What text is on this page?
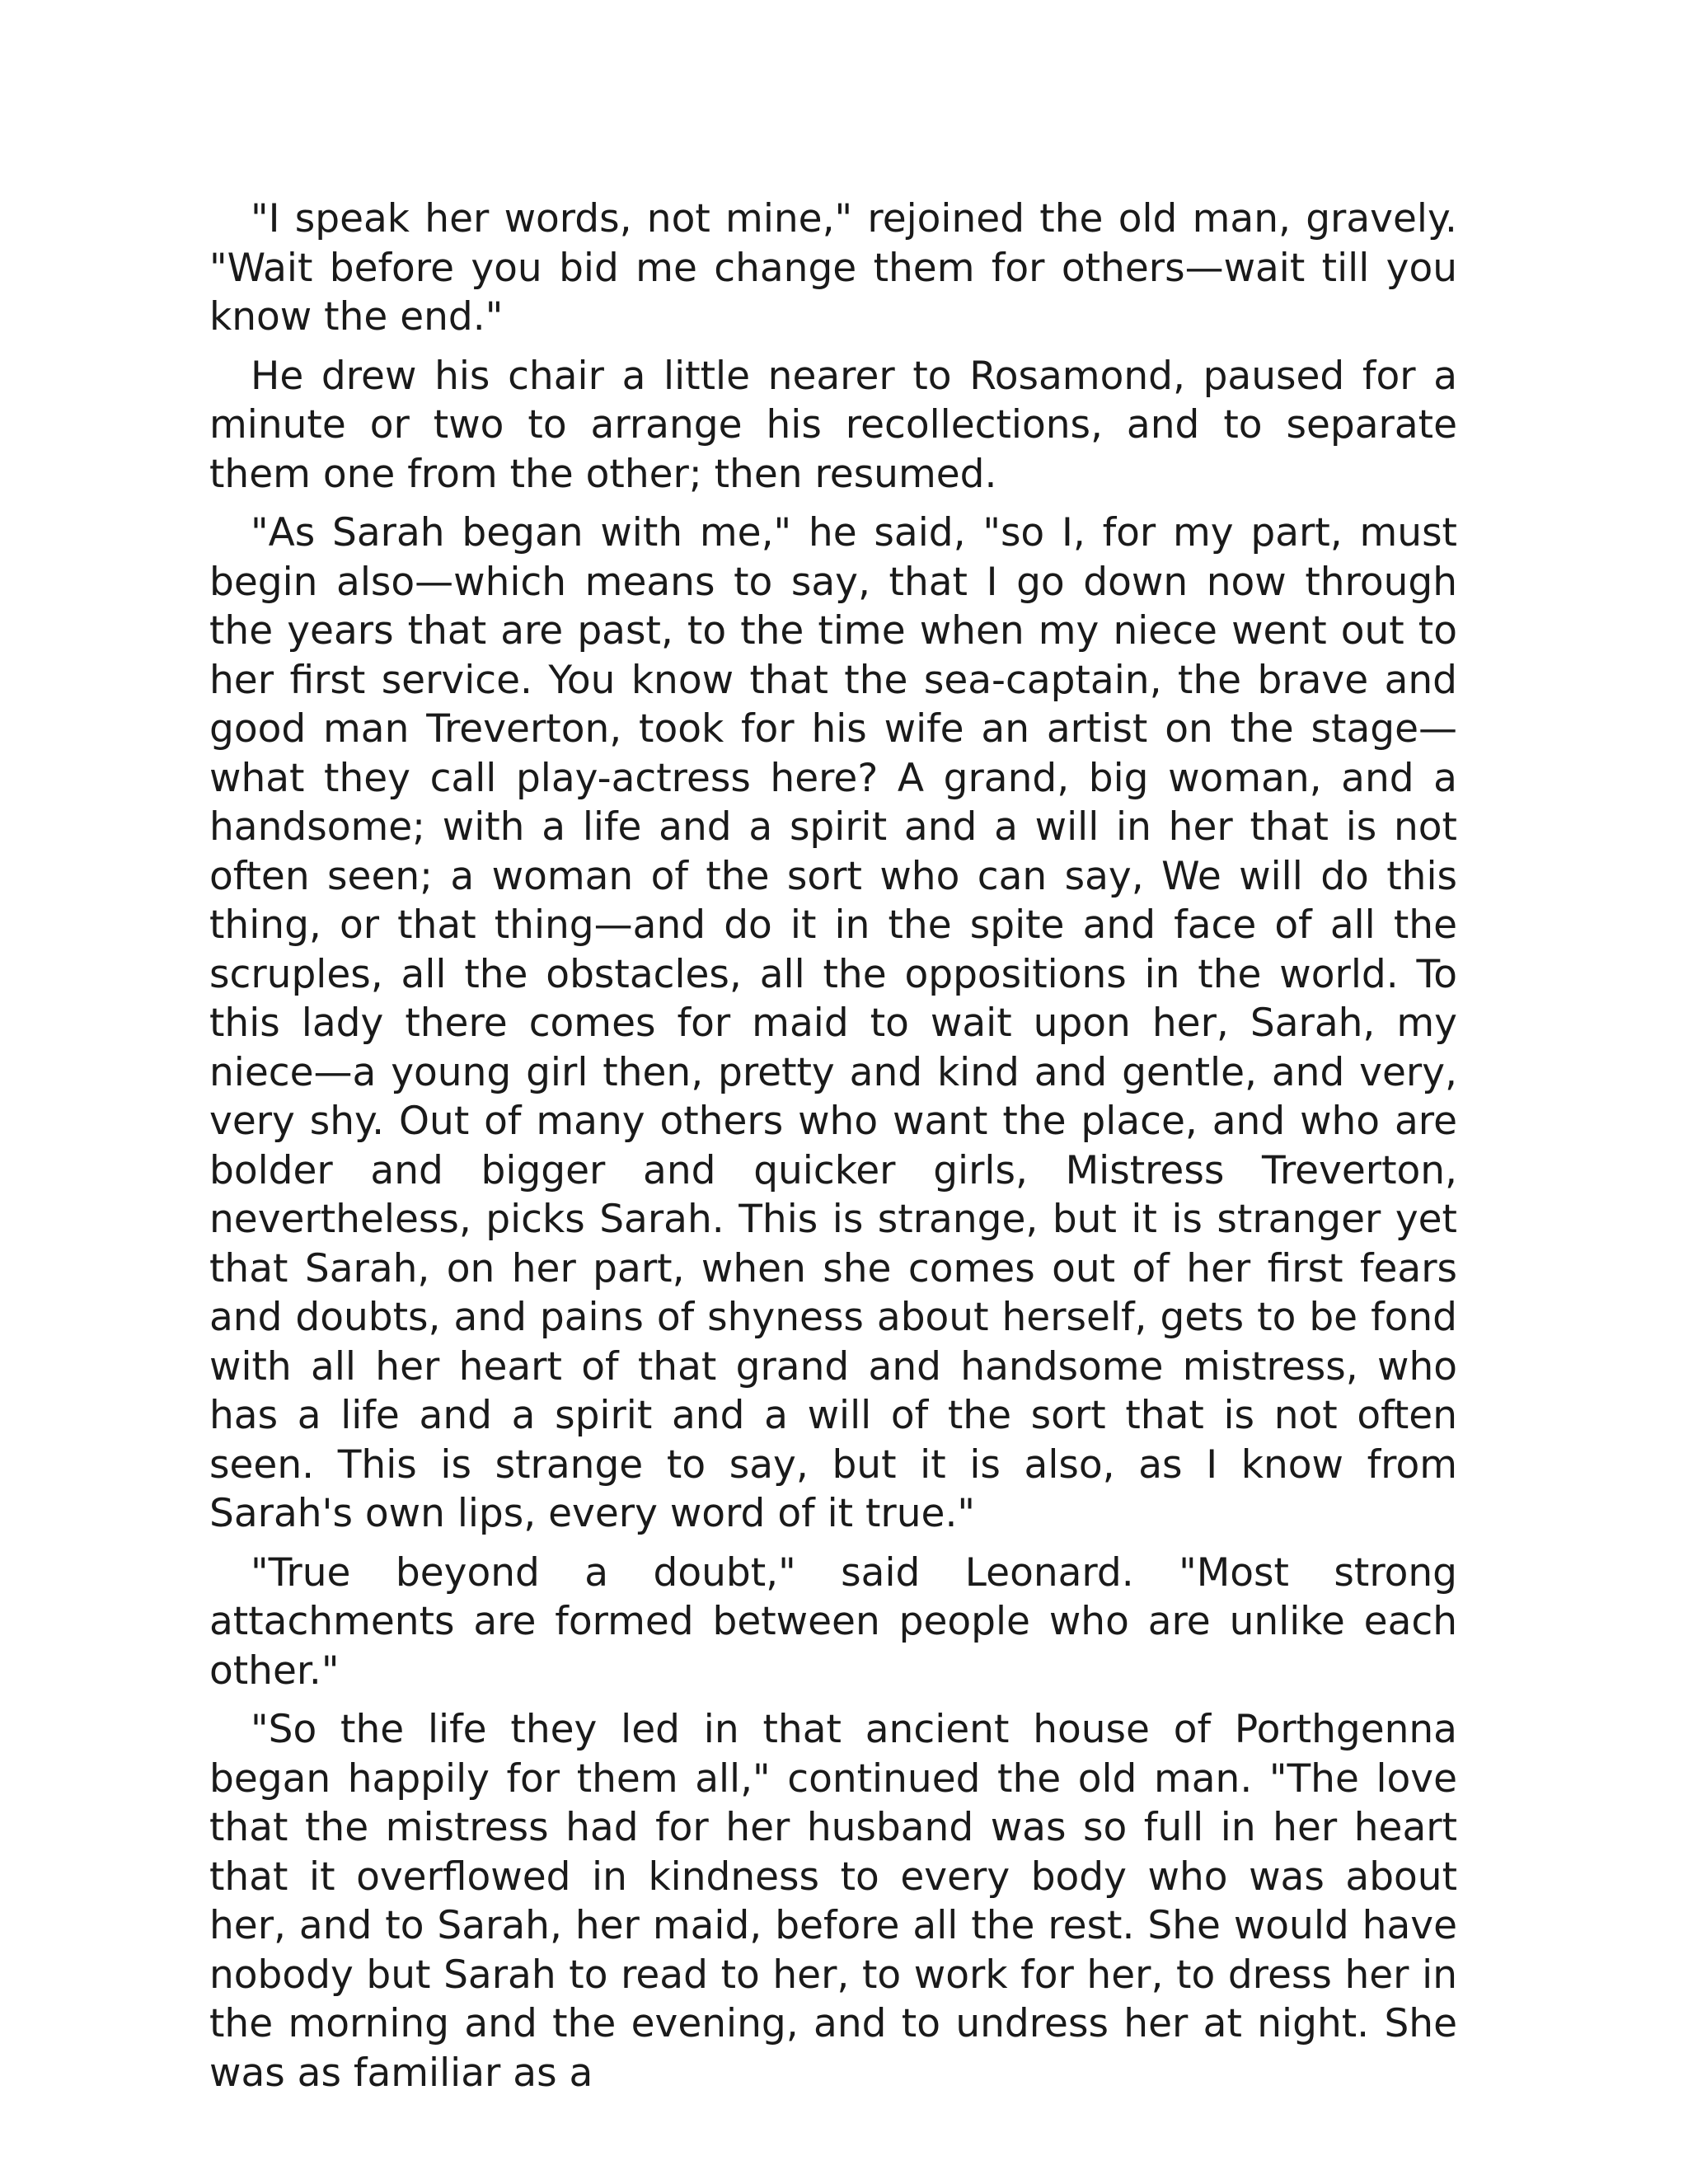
"I speak her words, not mine," rejoined the old man, gravely. "Wait before you bid me change them for others—wait till you know the end."

He drew his chair a little nearer to Rosamond, paused for a minute or two to arrange his recollections, and to separate them one from the other; then resumed.

"As Sarah began with me," he said, "so I, for my part, must begin also—which means to say, that I go down now through the years that are past, to the time when my niece went out to her first service. You know that the sea-captain, the brave and good man Treverton, took for his wife an artist on the stage—what they call play-actress here? A grand, big woman, and a handsome; with a life and a spirit and a will in her that is not often seen; a woman of the sort who can say, We will do this thing, or that thing—and do it in the spite and face of all the scruples, all the obstacles, all the oppositions in the world. To this lady there comes for maid to wait upon her, Sarah, my niece—a young girl then, pretty and kind and gentle, and very, very shy. Out of many others who want the place, and who are bolder and bigger and quicker girls, Mistress Treverton, nevertheless, picks Sarah. This is strange, but it is stranger yet that Sarah, on her part, when she comes out of her first fears and doubts, and pains of shyness about herself, gets to be fond with all her heart of that grand and handsome mistress, who has a life and a spirit and a will of the sort that is not often seen. This is strange to say, but it is also, as I know from Sarah's own lips, every word of it true."

"True beyond a doubt," said Leonard. "Most strong attachments are formed between people who are unlike each other."

"So the life they led in that ancient house of Porthgenna began happily for them all," continued the old man. "The love that the mistress had for her husband was so full in her heart that it overflowed in kindness to every body who was about her, and to Sarah, her maid, before all the rest. She would have nobody but Sarah to read to her, to work for her, to dress her in the morning and the evening, and to undress her at night. She was as familiar as a
